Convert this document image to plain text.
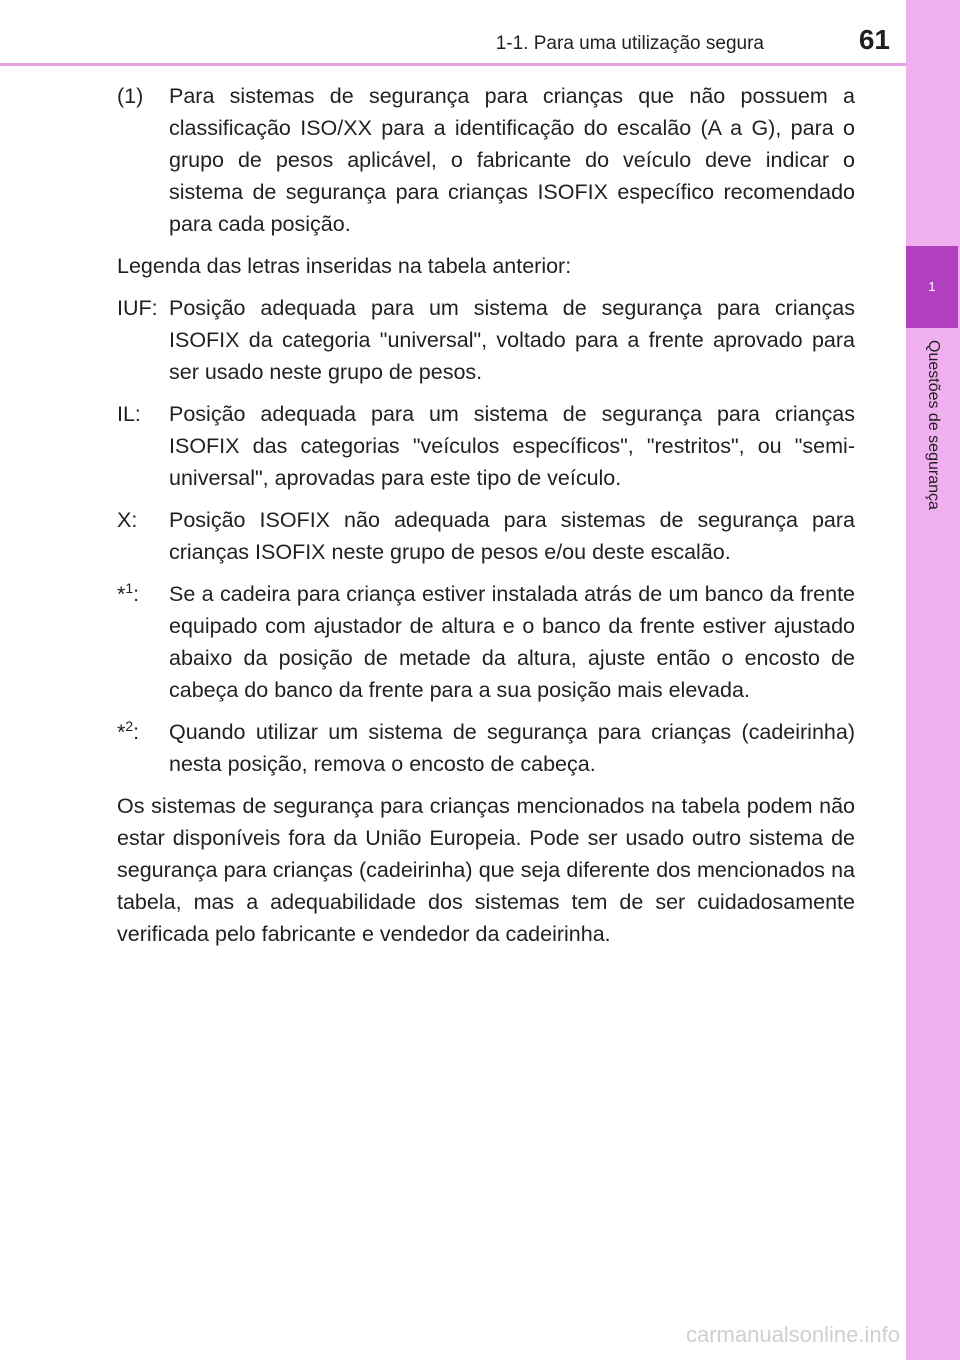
1
Questões de segurança
1-1. Para uma utilização segura	61
(1)	Para sistemas de segurança para crianças que não possuem a classificação ISO/XX para a identificação do escalão (A a G), para o grupo de pesos aplicável, o fabricante do veículo deve indicar o sistema de segurança para crianças ISOFIX específico recomendado para cada posição.
Legenda das letras inseridas na tabela anterior:
IUF: Posição adequada para um sistema de segurança para crianças ISOFIX da categoria "universal", voltado para a frente aprovado para ser usado neste grupo de pesos.
IL:	Posição adequada para um sistema de segurança para crianças ISOFIX das categorias "veículos específicos", "restritos", ou "semi-universal", aprovadas para este tipo de veículo.
X:	Posição ISOFIX não adequada para sistemas de segurança para crianças ISOFIX neste grupo de pesos e/ou deste escalão.
*$^1$:	Se a cadeira para criança estiver instalada atrás de um banco da frente equipado com ajustador de altura e o banco da frente estiver ajustado abaixo da posição de metade da altura, ajuste então o encosto de cabeça do banco da frente para a sua posição mais elevada.
*$^2$:	Quando utilizar um sistema de segurança para crianças (cadeirinha) nesta posição, remova o encosto de cabeça.
Os sistemas de segurança para crianças mencionados na tabela podem não estar disponíveis fora da União Europeia. Pode ser usado outro sistema de segurança para crianças (cadeirinha) que seja diferente dos mencionados na tabela, mas a adequabilidade dos sistemas tem de ser cuidadosamente verificada pelo fabricante e vendedor da cadeirinha.
carmanualsonline.info
